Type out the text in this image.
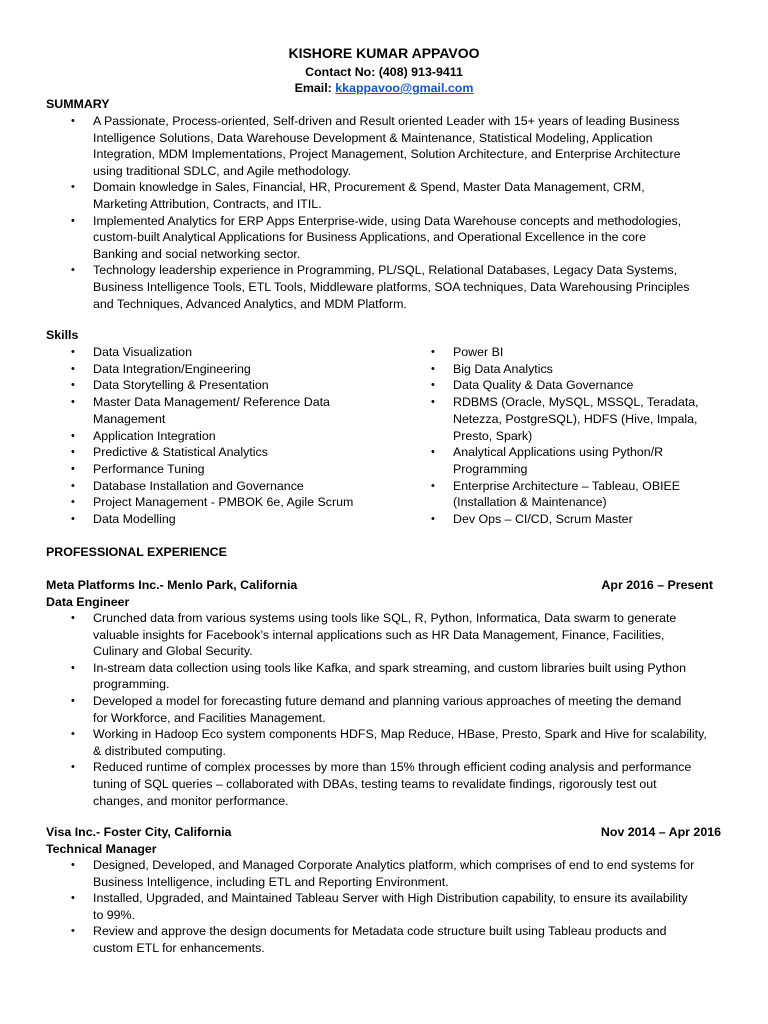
KISHORE KUMAR APPAVOO
Contact No: (408) 913-9411
Email: kkappavoo@gmail.com
SUMMARY
• A Passionate, Process-oriented, Self-driven and Result oriented Leader with 15+ years of leading Business
Intelligence Solutions, Data Warehouse Development & Maintenance, Statistical Modeling, Application
Integration, MDM Implementations, Project Management, Solution Architecture, and Enterprise Architecture
using traditional SDLC, and Agile methodology.
• Domain knowledge in Sales, Financial, HR, Procurement & Spend, Master Data Management, CRM,
Marketing Attribution, Contracts, and ITIL.
• Implemented Analytics for ERP Apps Enterprise-wide, using Data Warehouse concepts and methodologies,
custom-built Analytical Applications for Business Applications, and Operational Excellence in the core
Banking and social networking sector.
• Technology leadership experience in Programming, PL/SQL, Relational Databases, Legacy Data Systems,
Business Intelligence Tools, ETL Tools, Middleware platforms, SOA techniques, Data Warehousing Principles
and Techniques, Advanced Analytics, and MDM Platform.
Skills
• Data Visualization
• Data Integration/Engineering
• Data Storytelling & Presentation
• Master Data Management/ Reference Data
Management
• Application Integration
• Predictive & Statistical Analytics
• Performance Tuning
• Database Installation and Governance
• Project Management - PMBOK 6e, Agile Scrum
• Data Modelling
• Power BI
• Big Data Analytics
• Data Quality & Data Governance
• RDBMS (Oracle, MySQL, MSSQL, Teradata,
Netezza, PostgreSQL), HDFS (Hive, Impala,
Presto, Spark)
• Analytical Applications using Python/R
Programming
• Enterprise Architecture – Tableau, OBIEE
(Installation & Maintenance)
• Dev Ops – CI/CD, Scrum Master
PROFESSIONAL EXPERIENCE
Meta Platforms Inc.- Menlo Park, California	Apr 2016 – Present
Data Engineer
• Crunched data from various systems using tools like SQL, R, Python, Informatica, Data swarm to generate
valuable insights for Facebook’s internal applications such as HR Data Management, Finance, Facilities,
Culinary and Global Security.
• In-stream data collection using tools like Kafka, and spark streaming, and custom libraries built using Python
programming.
• Developed a model for forecasting future demand and planning various approaches of meeting the demand
for Workforce, and Facilities Management.
• Working in Hadoop Eco system components HDFS, Map Reduce, HBase, Presto, Spark and Hive for scalability,
& distributed computing.
• Reduced runtime of complex processes by more than 15% through efficient coding analysis and performance
tuning of SQL queries – collaborated with DBAs, testing teams to revalidate findings, rigorously test out
changes, and monitor performance.
Visa Inc.- Foster City, California	Nov 2014 – Apr 2016
Technical Manager
• Designed, Developed, and Managed Corporate Analytics platform, which comprises of end to end systems for
Business Intelligence, including ETL and Reporting Environment.
• Installed, Upgraded, and Maintained Tableau Server with High Distribution capability, to ensure its availability
to 99%.
• Review and approve the design documents for Metadata code structure built using Tableau products and
custom ETL for enhancements.
